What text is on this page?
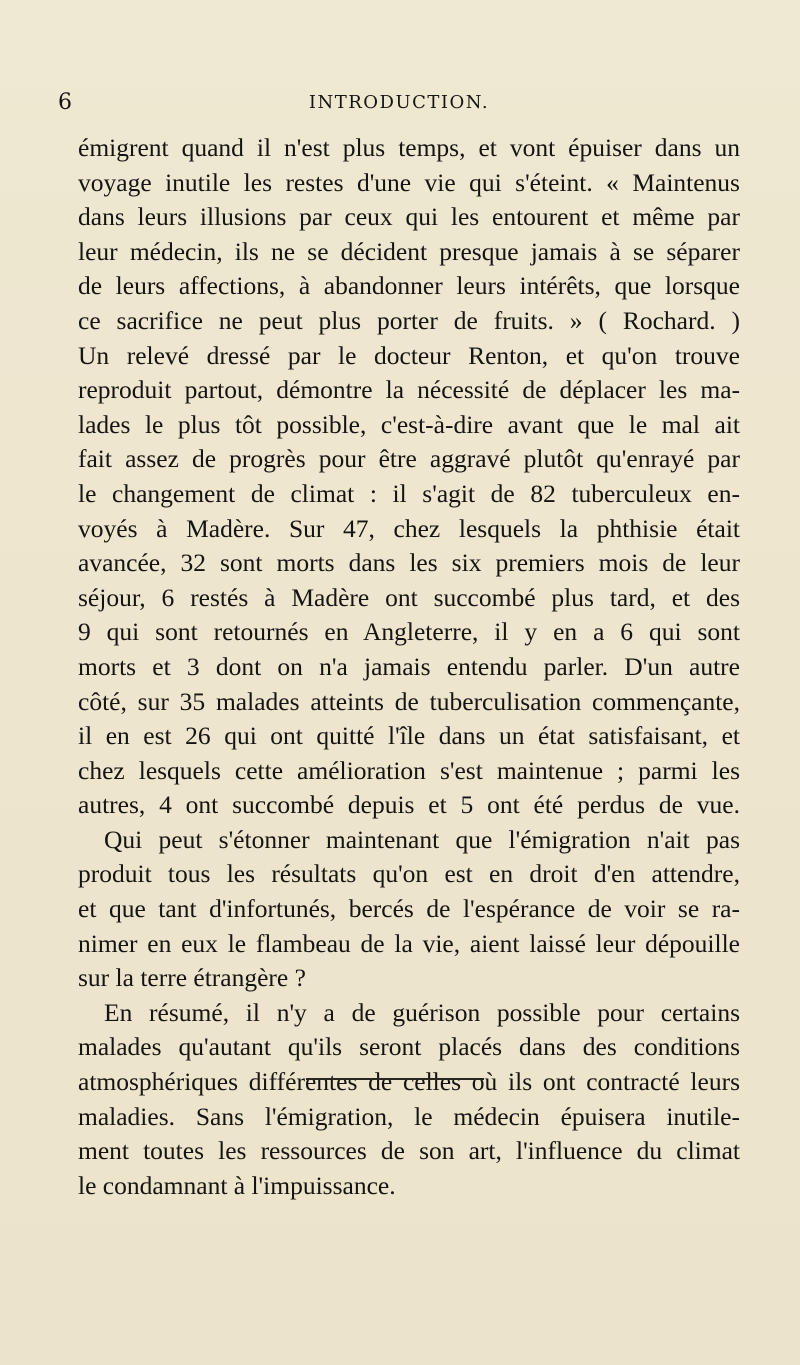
6	INTRODUCTION.
émigrent quand il n'est plus temps, et vont épuiser dans un
voyage inutile les restes d'une vie qui s'éteint. « Maintenus
dans leurs illusions par ceux qui les entourent et même par
leur médecin, ils ne se décident presque jamais à se séparer
de leurs affections, à abandonner leurs intérêts, que lorsque
ce sacrifice ne peut plus porter de fruits. » ( Rochard. )
Un relevé dressé par le docteur Renton, et qu'on trouve
reproduit partout, démontre la nécessité de déplacer les ma-
lades le plus tôt possible, c'est-à-dire avant que le mal ait
fait assez de progrès pour être aggravé plutôt qu'enrayé par
le changement de climat : il s'agit de 82 tuberculeux en-
voyés à Madère. Sur 47, chez lesquels la phthisie était
avancée, 32 sont morts dans les six premiers mois de leur
séjour, 6 restés à Madère ont succombé plus tard, et des
9 qui sont retournés en Angleterre, il y en a 6 qui sont
morts et 3 dont on n'a jamais entendu parler. D'un autre
côté, sur 35 malades atteints de tuberculisation commençante,
il en est 26 qui ont quitté l'île dans un état satisfaisant, et
chez lesquels cette amélioration s'est maintenue ; parmi les
autres, 4 ont succombé depuis et 5 ont été perdus de vue.
Qui peut s'étonner maintenant que l'émigration n'ait pas
produit tous les résultats qu'on est en droit d'en attendre,
et que tant d'infortunés, bercés de l'espérance de voir se ra-
nimer en eux le flambeau de la vie, aient laissé leur dépouille
sur la terre étrangère ?
En résumé, il n'y a de guérison possible pour certains
malades qu'autant qu'ils seront placés dans des conditions
atmosphériques différentes de celles où ils ont contracté leurs
maladies. Sans l'émigration, le médecin épuisera inutile-
ment toutes les ressources de son art, l'influence du climat
le condamnant à l'impuissance.
